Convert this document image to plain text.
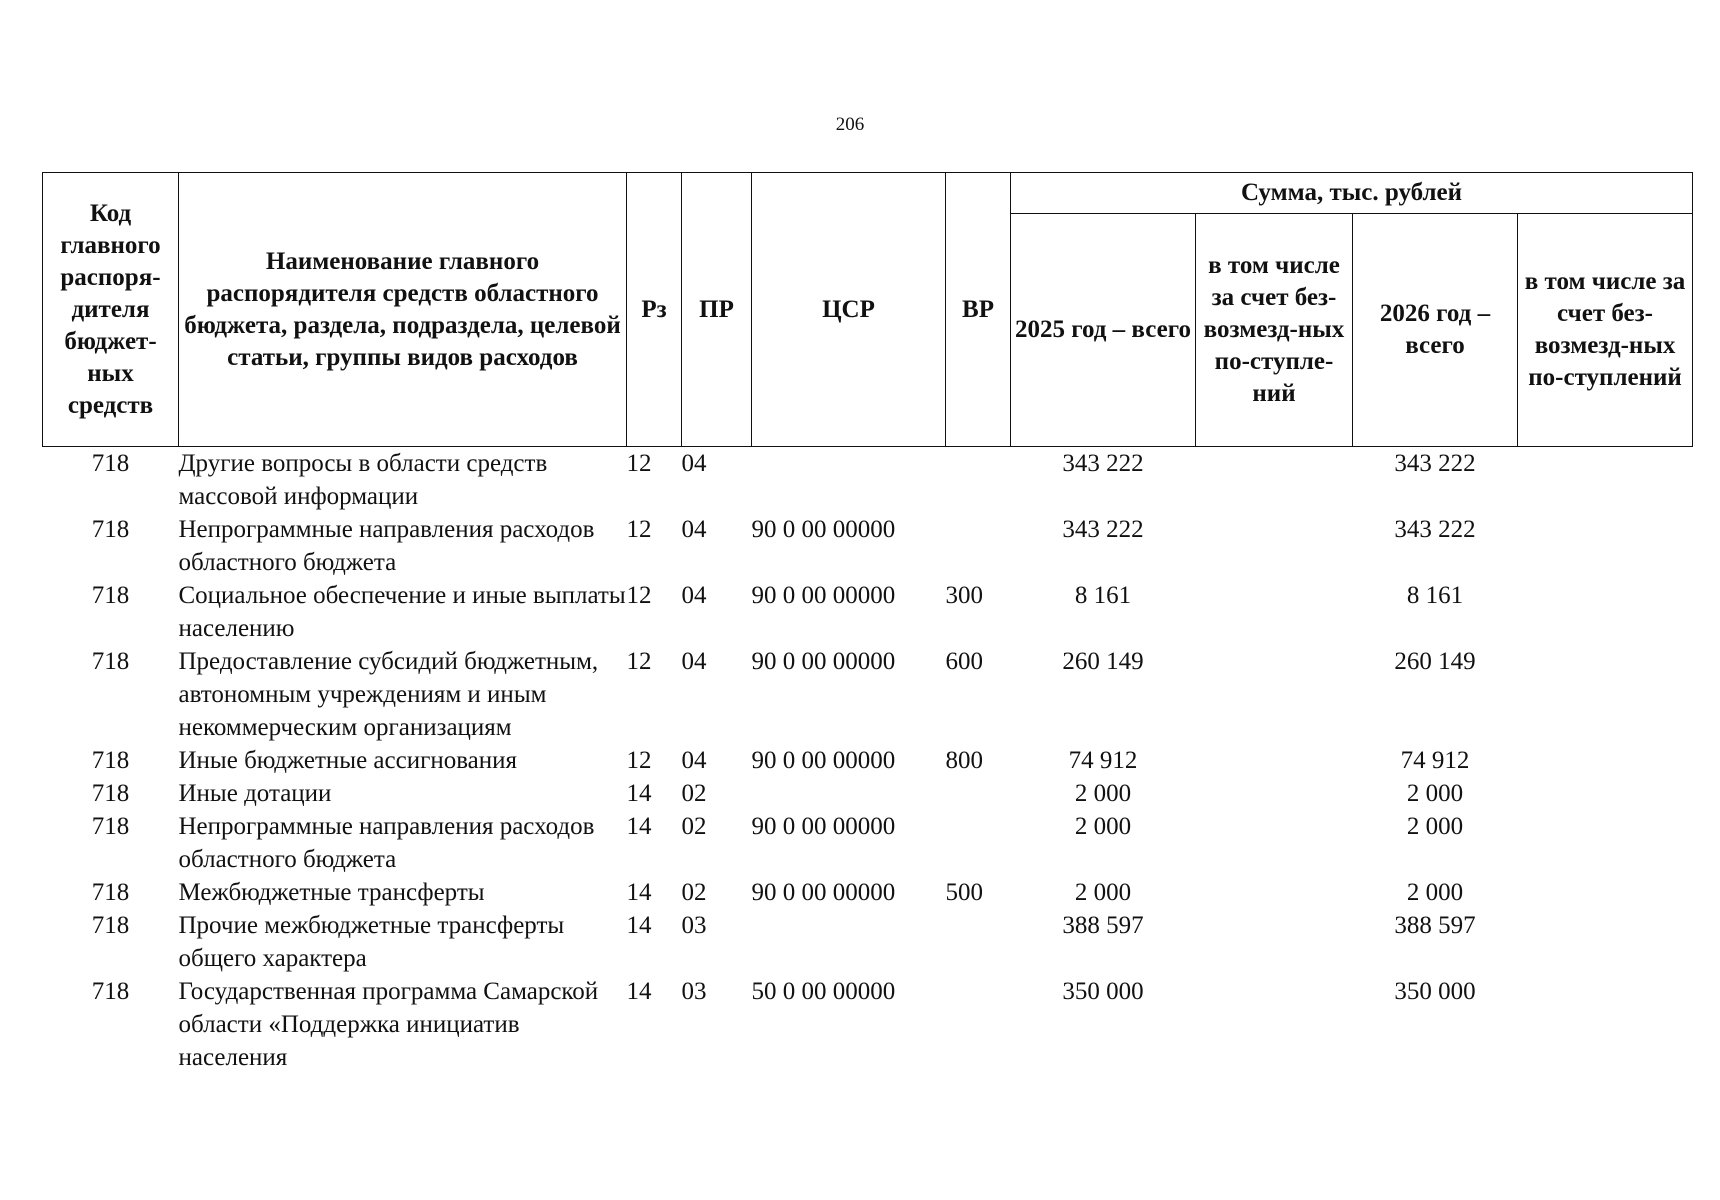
206
Код главного распоря-дителя бюджет-ных средств	Наименование главного распорядителя средств областного бюджета, раздела, подраздела, целевой статьи, группы видов расходов	Рз	ПР	ЦСР	ВР	Сумма, тыс. рублей			
						2025 год – всего	в том числе за счет без-возмезд-ных по-ступле-ний	2026 год – всего	в том числе за счет без-возмезд-ных по-ступлений
718	Другие вопросы в области средств массовой информации	12	04			343 222		343 222	
718	Непрограммные направления расходов областного бюджета	12	04	90 0 00 00000		343 222		343 222	
718	Социальное обеспечение и иные выплаты населению	12	04	90 0 00 00000	300	8 161		8 161	
718	Предоставление субсидий бюджетным, автономным учреждениям и иным некоммерческим организациям	12	04	90 0 00 00000	600	260 149		260 149	
718	Иные бюджетные ассигнования	12	04	90 0 00 00000	800	74 912		74 912	
718	Иные дотации	14	02			2 000		2 000	
718	Непрограммные направления расходов областного бюджета	14	02	90 0 00 00000		2 000		2 000	
718	Межбюджетные трансферты	14	02	90 0 00 00000	500	2 000		2 000	
718	Прочие межбюджетные трансферты общего характера	14	03			388 597		388 597	
718	Государственная программа Самарской области «Поддержка инициатив населения	14	03	50 0 00 00000		350 000		350 000	
